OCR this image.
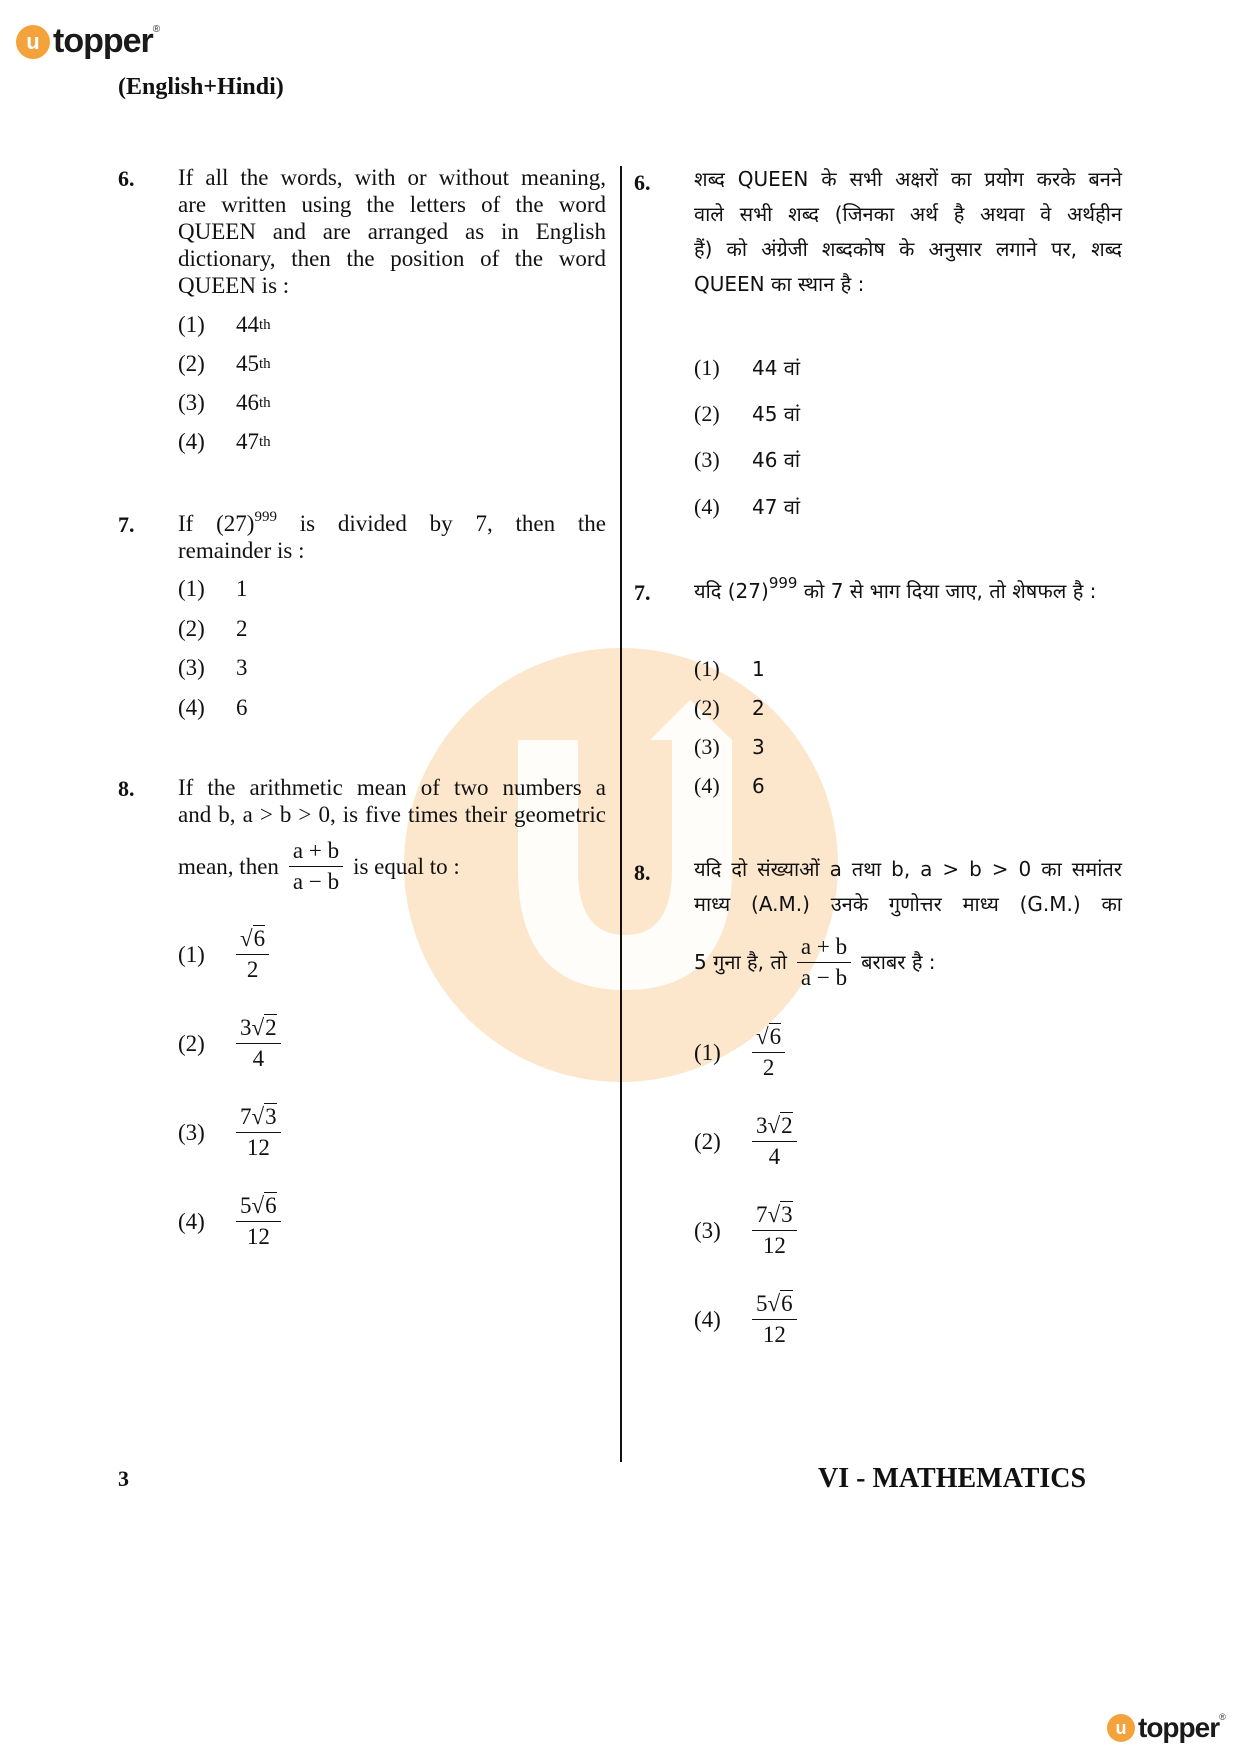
u topper ®
(English+Hindi)
6. If all the words, with or without meaning,
are written using the letters of the word
QUEEN and are arranged as in English
dictionary, then the position of the word
QUEEN is :
(1)	44 th
(2)	45 th
(3)	46 th
(4)	47 th
7. If $(27)^{999}$ is divided by 7, then the
remainder is :
(1)	1
(2)	2
(3)	3
(4)	6
8. If the arithmetic mean of two numbers a
and b, a > b > 0, is five times their geometric
mean, then $\frac{a + b}{a - b}$ is equal to :
(1)	$\frac{√6}{2}$
(2)	$\frac{3√2}{4}$
(3)	$\frac{7√3}{12}$
(4)	$\frac{5√6}{12}$
6. शब्द QUEEN के सभी अक्षरों का प्रयोग करके बनने
वाले सभी शब्द (जिनका अर्थ है अथवा वे अर्थहीन
हैं) को अंग्रेजी शब्दकोष के अनुसार लगाने पर, शब्द
QUEEN का स्थान है :
(1)	44 वां
(2)	45 वां
(3)	46 वां
(4)	47 वां
7. यदि $(27)^{999}$ को 7 से भाग दिया जाए, तो शेषफल है :
(1)	1
(2)	2
(3)	3
(4)	6
8. यदि दो संख्याओं a तथा b, a > b > 0 का समांतर
माध्य (A.M.) उनके गुणोत्तर माध्य (G.M.) का
5 गुना है, तो $\frac{a + b}{a - b}$ बराबर है :
(1)	$\frac{√6}{2}$
(2)	$\frac{3√2}{4}$
(3)	$\frac{7√3}{12}$
(4)	$\frac{5√6}{12}$
3	VI - MATHEMATICS
u topper ®
